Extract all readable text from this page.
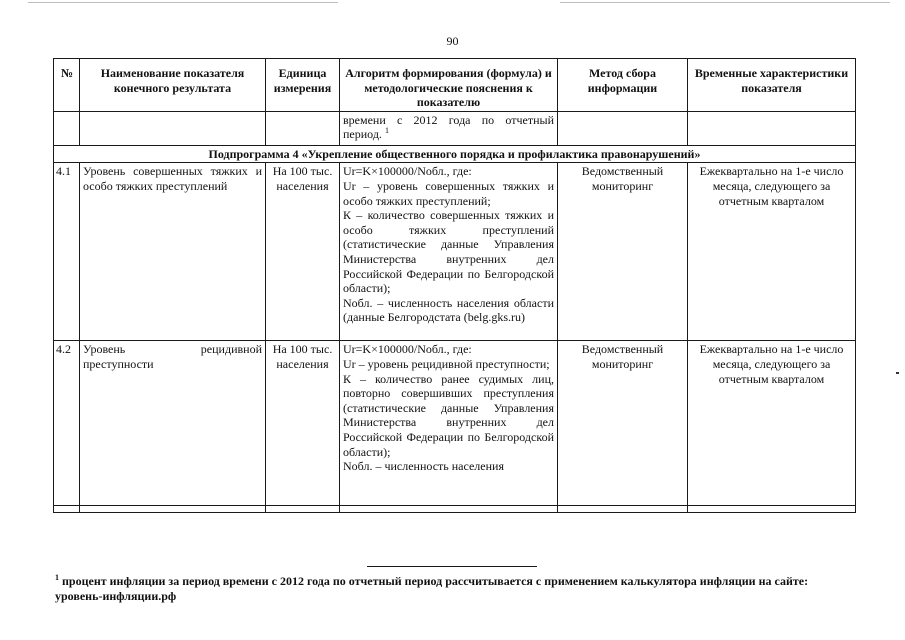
90
№	Наименование показателя конечного результата	Единица измерения	Алгоритм формирования (формула) и методологические пояснения к показателю	Метод сбора информации	Временные характеристики показателя
			времени с 2012 года по отчетный период. $^1$		
Подпрограмма 4 «Укрепление общественного порядка и профилактика правонарушений»					
4.1	Уровень совершенных тяжких и особо тяжких преступлений	На 100 тыс. населения	Ur=K×100000/Nобл., где:
Ur – уровень совершенных тяжких и особо тяжких преступлений;
К – количество совершенных тяжких и особо тяжких преступлений (статистические данные Управления Министерства внутренних дел Российской Федерации по Белгородской области);
Nобл. – численность населения области (данные Белгородстата (belg.gks.ru)	Ведомственный мониторинг	Ежеквартально на 1-е число месяца, следующего за отчетным кварталом
4.2	Уровень рецидивной преступности	На 100 тыс. населения	Ur=K×100000/Nобл., где:
Ur – уровень рецидивной преступности;
К – количество ранее судимых лиц, повторно совершивших преступления (статистические данные Управления Министерства внутренних дел Российской Федерации по Белгородской области);
Nобл. – численность населения	Ведомственный мониторинг	Ежеквартально на 1-е число месяца, следующего за отчетным кварталом

$^1$ процент инфляции за период времени с 2012 года по отчетный период рассчитывается с применением калькулятора инфляции на сайте: уровень-инфляции.рф
